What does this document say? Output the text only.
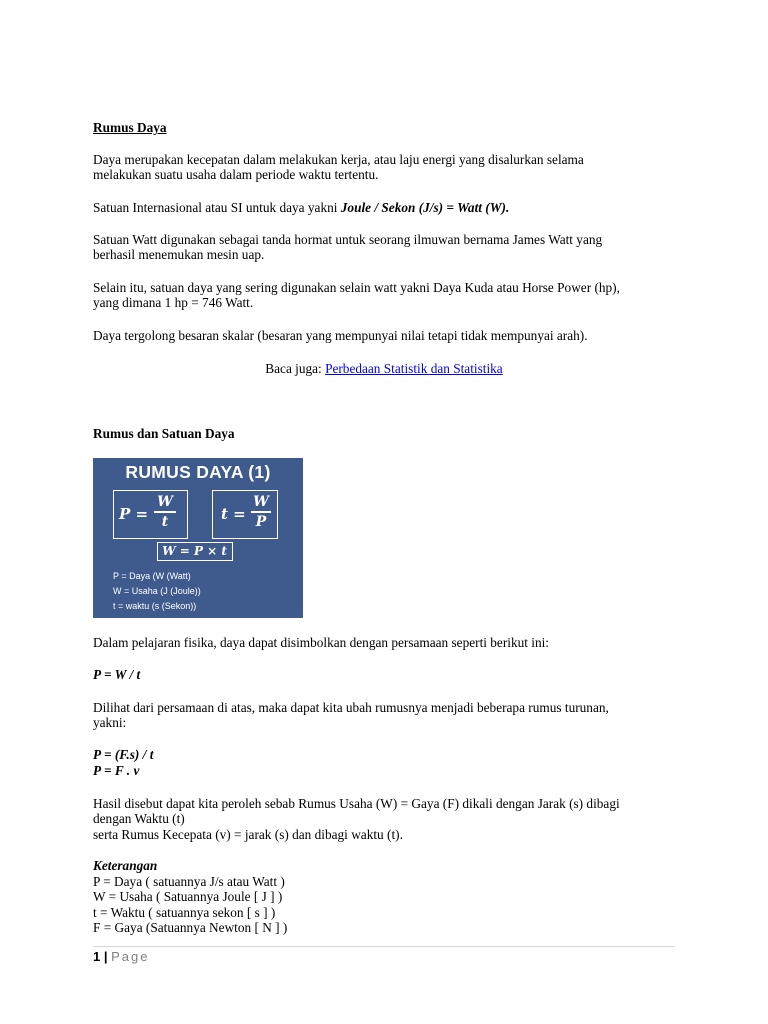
Rumus Daya
Daya merupakan kecepatan dalam melakukan kerja, atau laju energi yang disalurkan selama
melakukan suatu usaha dalam periode waktu tertentu.
Satuan Internasional atau SI untuk daya yakni Joule / Sekon (J/s) = Watt (W).
Satuan Watt digunakan sebagai tanda hormat untuk seorang ilmuwan bernama James Watt yang
berhasil menemukan mesin uap.
Selain itu, satuan daya yang sering digunakan selain watt yakni Daya Kuda atau Horse Power (hp),
yang dimana 1 hp = 746 Watt.
Daya tergolong besaran skalar (besaran yang mempunyai nilai tetapi tidak mempunyai arah).
Baca juga: Perbedaan Statistik dan Statistika
Rumus dan Satuan Daya
RUMUS DAYA (1)
P =
W
t	t =
W
P
W = P × t
P = Daya (W (Watt)
W = Usaha (J (Joule))
t = waktu (s (Sekon))
Dalam pelajaran fisika, daya dapat disimbolkan dengan persamaan seperti berikut ini:
P = W / t
Dilihat dari persamaan di atas, maka dapat kita ubah rumusnya menjadi beberapa rumus turunan,
yakni:
P = (F.s) / t
P = F . v
Hasil disebut dapat kita peroleh sebab Rumus Usaha (W) = Gaya (F) dikali dengan Jarak (s) dibagi
dengan Waktu (t)
serta Rumus Kecepata (v) = jarak (s) dan dibagi waktu (t).
Keterangan
P = Daya ( satuannya J/s atau Watt )
W = Usaha ( Satuannya Joule [ J ] )
t = Waktu ( satuannya sekon [ s ] )
F = Gaya (Satuannya Newton [ N ] )
1 | Page
